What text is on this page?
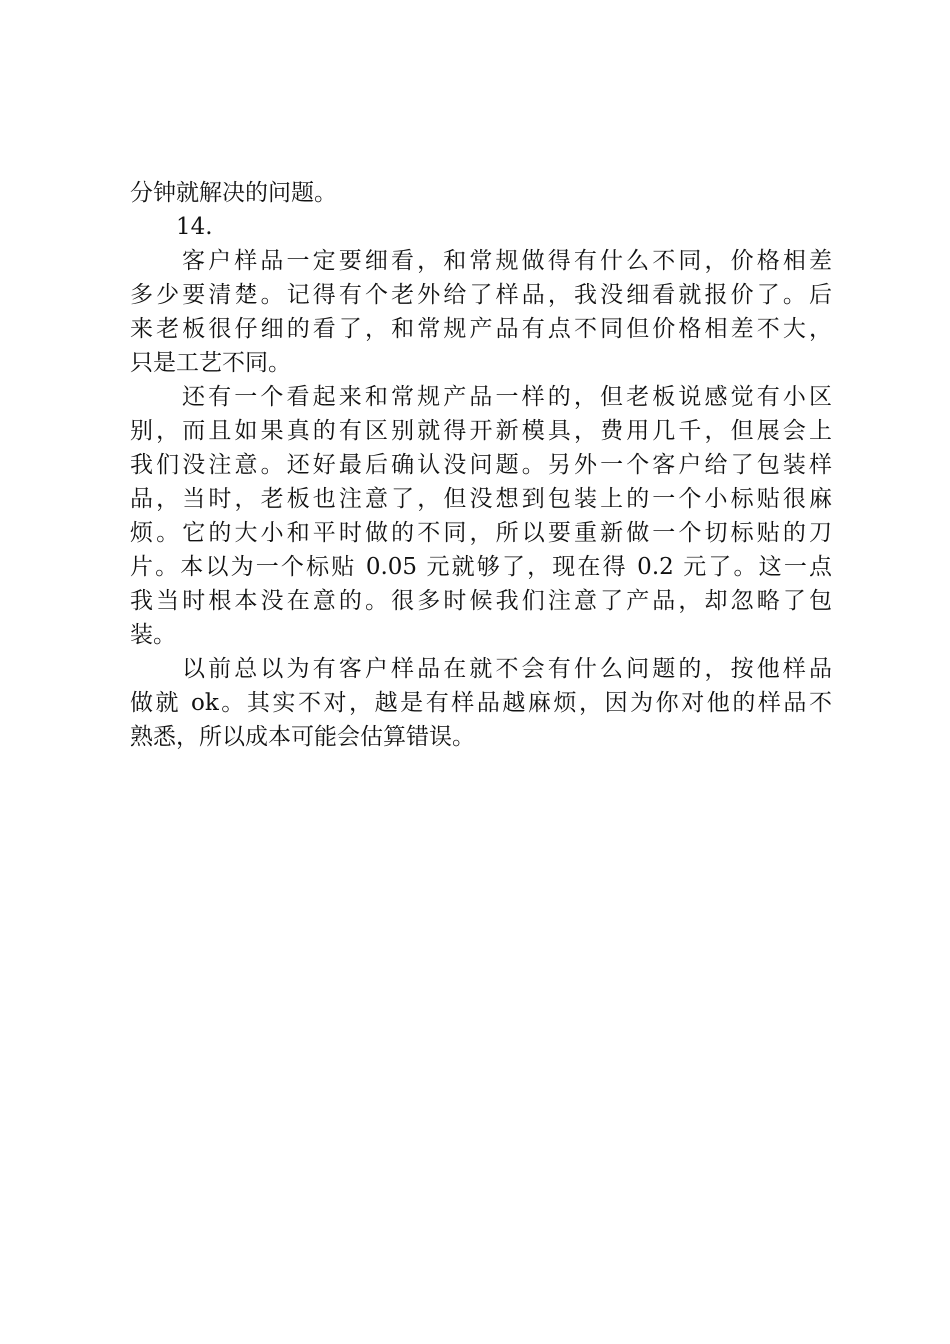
分钟就解决的问题。
14.
客户样品一定要细看，和常规做得有什么不同，价格相差
多少要清楚。记得有个老外给了样品，我没细看就报价了。后
来老板很仔细的看了，和常规产品有点不同但价格相差不大，
只是工艺不同。
还有一个看起来和常规产品一样的，但老板说感觉有小区
别，而且如果真的有区别就得开新模具，费用几千，但展会上
我们没注意。还好最后确认没问题。另外一个客户给了包装样
品，当时，老板也注意了，但没想到包装上的一个小标贴很麻
烦。它的大小和平时做的不同，所以要重新做一个切标贴的刀
片。本以为一个标贴 0.05 元就够了，现在得 0.2 元了。这一点
我当时根本没在意的。很多时候我们注意了产品，却忽略了包
装。
以前总以为有客户样品在就不会有什么问题的，按他样品
做就 ok。其实不对，越是有样品越麻烦，因为你对他的样品不
熟悉，所以成本可能会估算错误。
